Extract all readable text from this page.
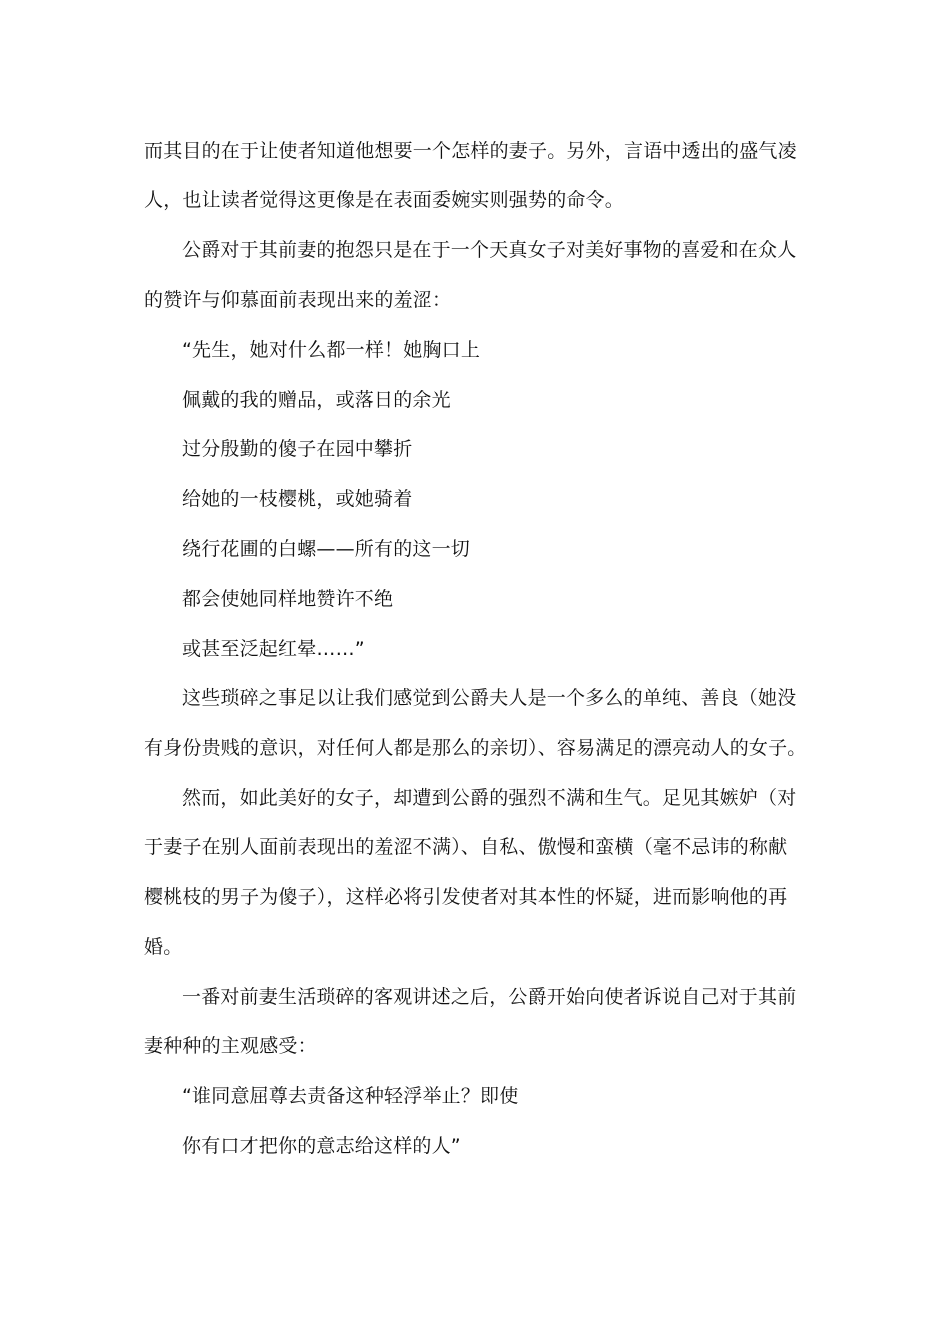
而其目的在于让使者知道他想要一个怎样的妻子。另外，言语中透出的盛气凌
人，也让读者觉得这更像是在表面委婉实则强势的命令。
公爵对于其前妻的抱怨只是在于一个天真女子对美好事物的喜爱和在众人
的赞许与仰慕面前表现出来的羞涩：
“先生，她对什么都一样！她胸口上
佩戴的我的赠品，或落日的余光
过分殷勤的傻子在园中攀折
给她的一枝樱桃，或她骑着
绕行花圃的白螺——所有的这一切
都会使她同样地赞许不绝
或甚至泛起红晕……”
这些琐碎之事足以让我们感觉到公爵夫人是一个多么的单纯、善良（她没
有身份贵贱的意识，对任何人都是那么的亲切）、容易满足的漂亮动人的女子。
然而，如此美好的女子，却遭到公爵的强烈不满和生气。足见其嫉妒（对
于妻子在别人面前表现出的羞涩不满）、自私、傲慢和蛮横（毫不忌讳的称献
樱桃枝的男子为傻子），这样必将引发使者对其本性的怀疑，进而影响他的再
婚。
一番对前妻生活琐碎的客观讲述之后，公爵开始向使者诉说自己对于其前
妻种种的主观感受：
“谁同意屈尊去责备这种轻浮举止？即使
你有口才把你的意志给这样的人”
